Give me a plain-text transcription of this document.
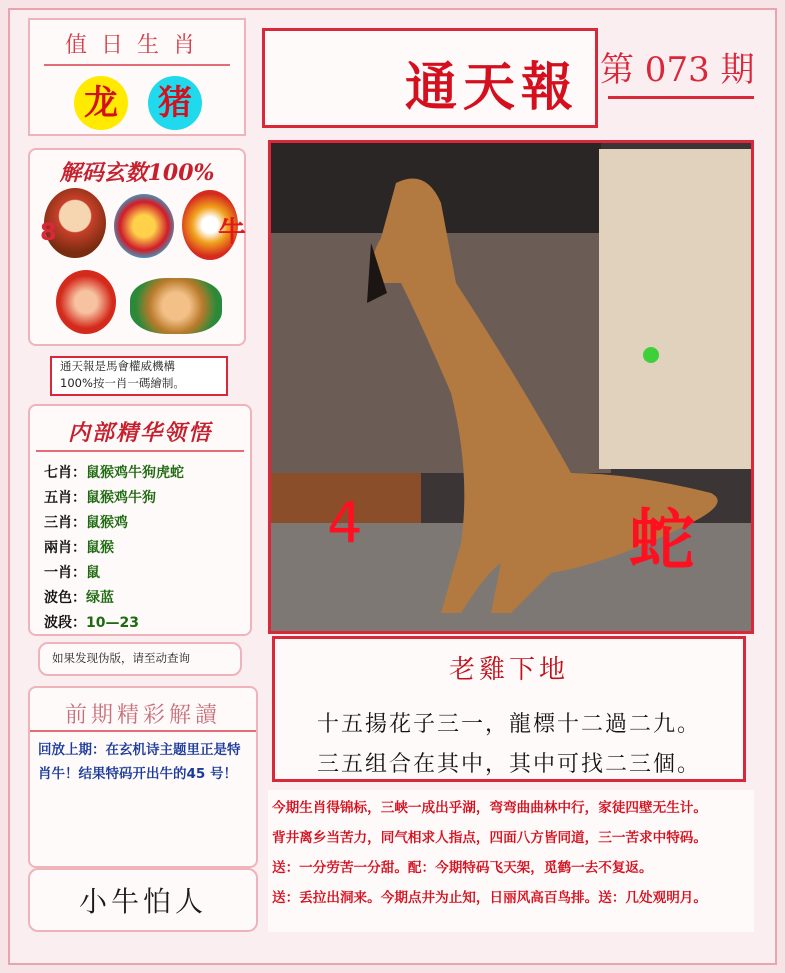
值日生肖
龙 猪
解码玄数100%
8	牛
通天報是馬會權威機構
100%按一肖一碼繪制。
内部精华领悟
七肖：鼠猴鸡牛狗虎蛇
五肖：鼠猴鸡牛狗
三肖：鼠猴鸡
兩肖：鼠猴
一肖：鼠
波色：绿蓝
波段：10—23
如果发现伪版，请至动查询
前期精彩解讀
回放上期：在玄机诗主题里正是特肖牛！结果特码开出牛的45 号！
小牛怕人
通天報 第 073 期
4	蛇
老雞下地
十五揚花子三一，龍標十二過二九。
三五组合在其中，其中可找二三個。
今期生肖得锦标，三峡一成出乎湖，弯弯曲曲林中行，家徒四壁无生计。
背井离乡当苦力，同气相求人指点，四面八方皆同道，三一苦求中特码。
送：一分劳苦一分甜。配：今期特码飞天架，觅鹤一去不复返。
送：丢拉出洞来。今期点井为止知，日丽风高百鸟排。送：几处观明月。
